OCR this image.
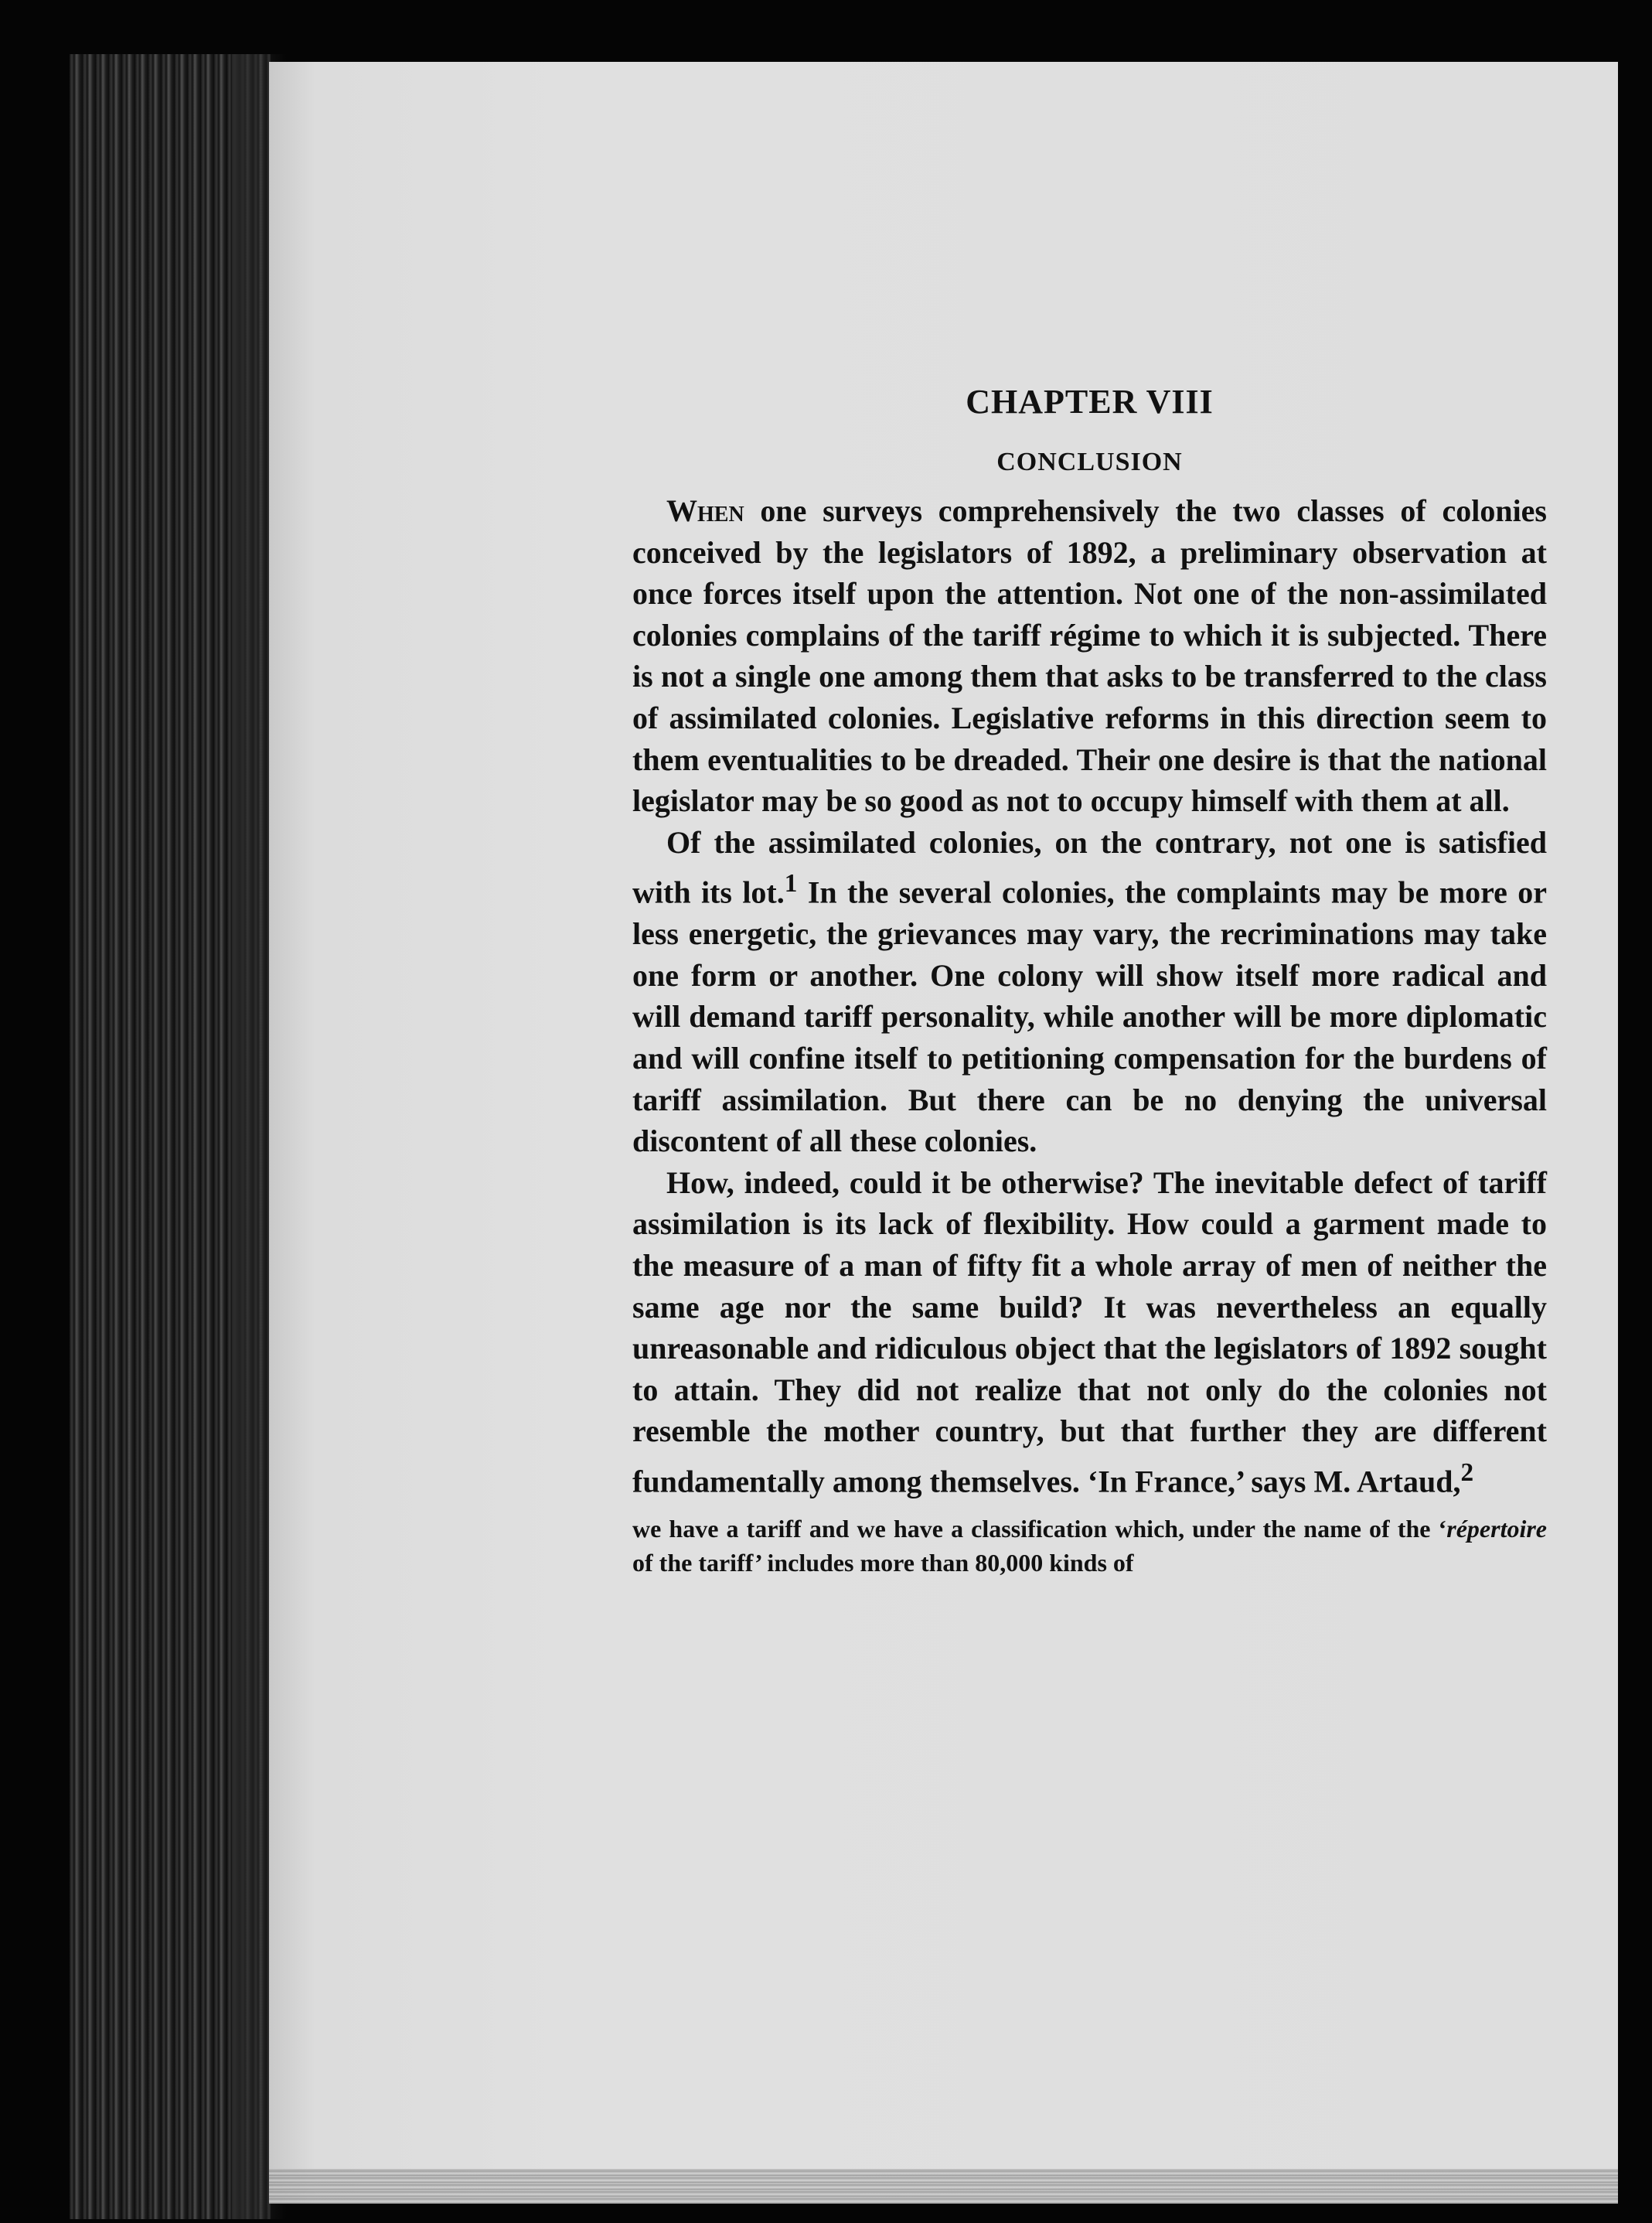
CHAPTER VIII
CONCLUSION

When one surveys comprehensively the two classes of colonies conceived by the legislators of 1892, a preliminary observation at once forces itself upon the attention. Not one of the non-assimilated colonies complains of the tariff régime to which it is subjected. There is not a single one among them that asks to be transferred to the class of assimilated colonies. Legislative reforms in this direction seem to them eventualities to be dreaded. Their one desire is that the national legislator may be so good as not to occupy himself with them at all.

Of the assimilated colonies, on the contrary, not one is satisfied with its lot.$^1$ In the several colonies, the complaints may be more or less energetic, the grievances may vary, the recriminations may take one form or another. One colony will show itself more radical and will demand tariff personality, while another will be more diplomatic and will confine itself to petitioning compensation for the burdens of tariff assimilation. But there can be no denying the universal discontent of all these colonies.

How, indeed, could it be otherwise? The inevitable defect of tariff assimilation is its lack of flexibility. How could a garment made to the measure of a man of fifty fit a whole array of men of neither the same age nor the same build? It was nevertheless an equally unreasonable and ridiculous object that the legislators of 1892 sought to attain. They did not realize that not only do the colonies not resemble the mother country, but that further they are different fundamentally among themselves. ‘In France,’ says M. Artaud,$^2$

we have a tariff and we have a classification which, under the name of the ‘répertoire of the tariff’ includes more than 80,000 kinds of
